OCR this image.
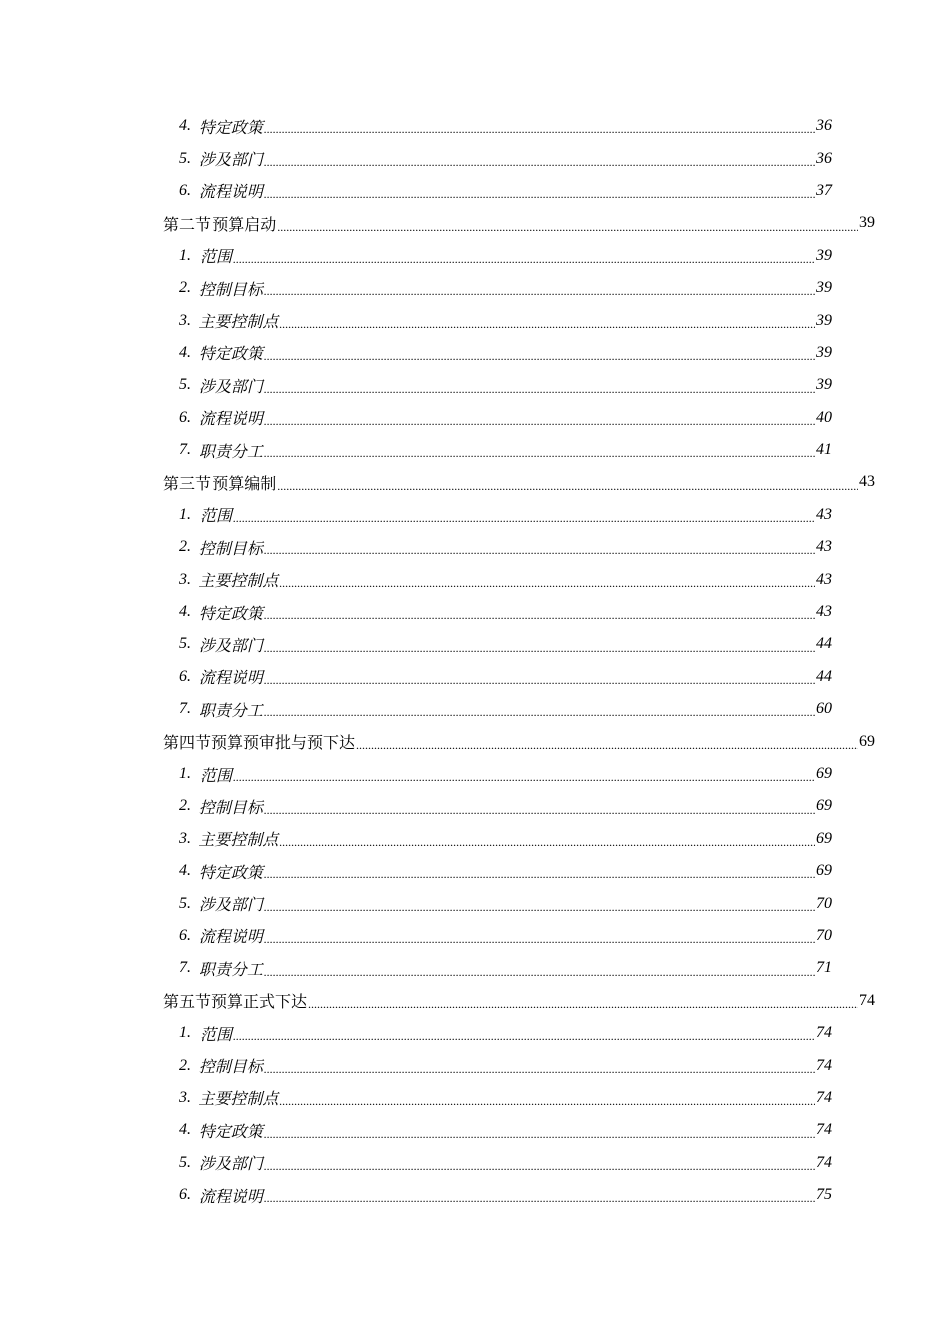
4. 特定政策 .....	36
5. 涉及部门 .....	36
6. 流程说明 .....	37
第二节 预算启动 .....	39
1. 范围 .....	39
2. 控制目标 .....	39
3. 主要控制点 .....	39
4. 特定政策 .....	39
5. 涉及部门 .....	39
6. 流程说明 .....	40
7. 职责分工 .....	41
第三节 预算编制 .....	43
1. 范围 .....	43
2. 控制目标 .....	43
3. 主要控制点 .....	43
4. 特定政策 .....	43
5. 涉及部门 .....	44
6. 流程说明 .....	44
7. 职责分工 .....	60
第四节 预算预审批与预下达 .....	69
1. 范围 .....	69
2. 控制目标 .....	69
3. 主要控制点 .....	69
4. 特定政策 .....	69
5. 涉及部门 .....	70
6. 流程说明 .....	70
7. 职责分工 .....	71
第五节 预算正式下达 .....	74
1. 范围 .....	74
2. 控制目标 .....	74
3. 主要控制点 .....	74
4. 特定政策 .....	74
5. 涉及部门 .....	74
6. 流程说明 .....	75
